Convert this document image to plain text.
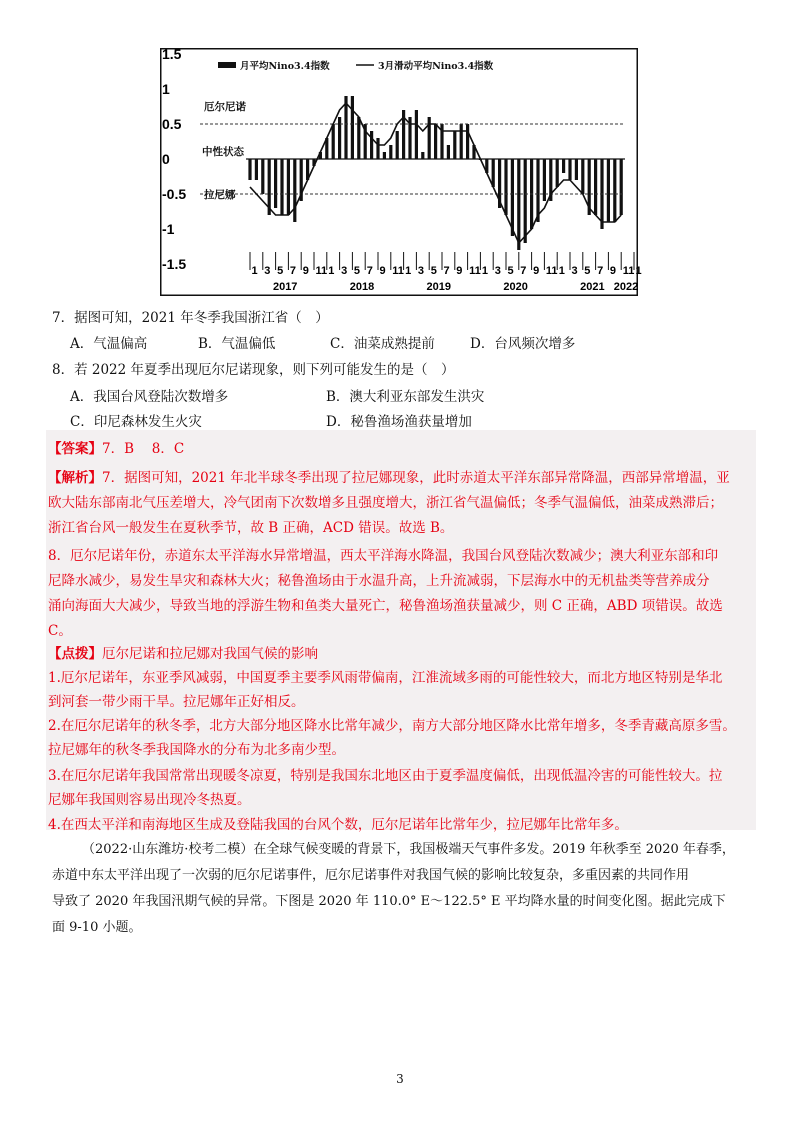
1.5
1
0.5
0
-0.5
-1
-1.5
厄尔尼诺
中性状态
拉尼娜
月平均Nino3.4指数	3月滑动平均Nino3.4指数
1 3 5 7 9 11 1 3 5 7 9 11 1 3 5 7 9 11 1 3 5 7 9 11 1 3 5 7 9 11 1
2017	2018	2019	2020	2021 2022
7．据图可知，2021 年冬季我国浙江省（　）
A．气温偏高	B．气温偏低	C．油菜成熟提前	D．台风频次增多
8．若 2022 年夏季出现厄尔尼诺现象，则下列可能发生的是（　）
A．我国台风登陆次数增多	B．澳大利亚东部发生洪灾
C．印尼森林发生火灾	D．秘鲁渔场渔获量增加
【答案】7．B　 8．C
【解析】7．据图可知，2021 年北半球冬季出现了拉尼娜现象，此时赤道太平洋东部异常降温，西部异常增温，亚
欧大陆东部南北气压差增大，冷气团南下次数增多且强度增大，浙江省气温偏低；冬季气温偏低，油菜成熟滞后；
浙江省台风一般发生在夏秋季节，故 B 正确，ACD 错误。故选 B。
8．厄尔尼诺年份，赤道东太平洋海水异常增温，西太平洋海水降温，我国台风登陆次数减少；澳大利亚东部和印
尼降水减少，易发生旱灾和森林大火；秘鲁渔场由于水温升高，上升流减弱，下层海水中的无机盐类等营养成分
涌向海面大大减少，导致当地的浮游生物和鱼类大量死亡，秘鲁渔场渔获量减少，则 C 正确，ABD 项错误。故选
C。
【点拨】厄尔尼诺和拉尼娜对我国气候的影响
1.厄尔尼诺年，东亚季风减弱，中国夏季主要季风雨带偏南，江淮流域多雨的可能性较大，而北方地区特别是华北
到河套一带少雨干旱。拉尼娜年正好相反。
2.在厄尔尼诺年的秋冬季，北方大部分地区降水比常年减少，南方大部分地区降水比常年增多，冬季青藏高原多雪。
拉尼娜年的秋冬季我国降水的分布为北多南少型。
3.在厄尔尼诺年我国常常出现暖冬凉夏，特别是我国东北地区由于夏季温度偏低，出现低温冷害的可能性较大。拉
尼娜年我国则容易出现冷冬热夏。
4.在西太平洋和南海地区生成及登陆我国的台风个数，厄尔尼诺年比常年少，拉尼娜年比常年多。
（2022·山东潍坊·校考二模）在全球气候变暖的背景下，我国极端天气事件多发。2019 年秋季至 2020 年春季，
赤道中东太平洋出现了一次弱的厄尔尼诺事件，厄尔尼诺事件对我国气候的影响比较复杂，多重因素的共同作用
导致了 2020 年我国汛期气候的异常。下图是 2020 年 110.0° E～122.5° E 平均降水量的时间变化图。据此完成下
面 9-10 小题。
3
